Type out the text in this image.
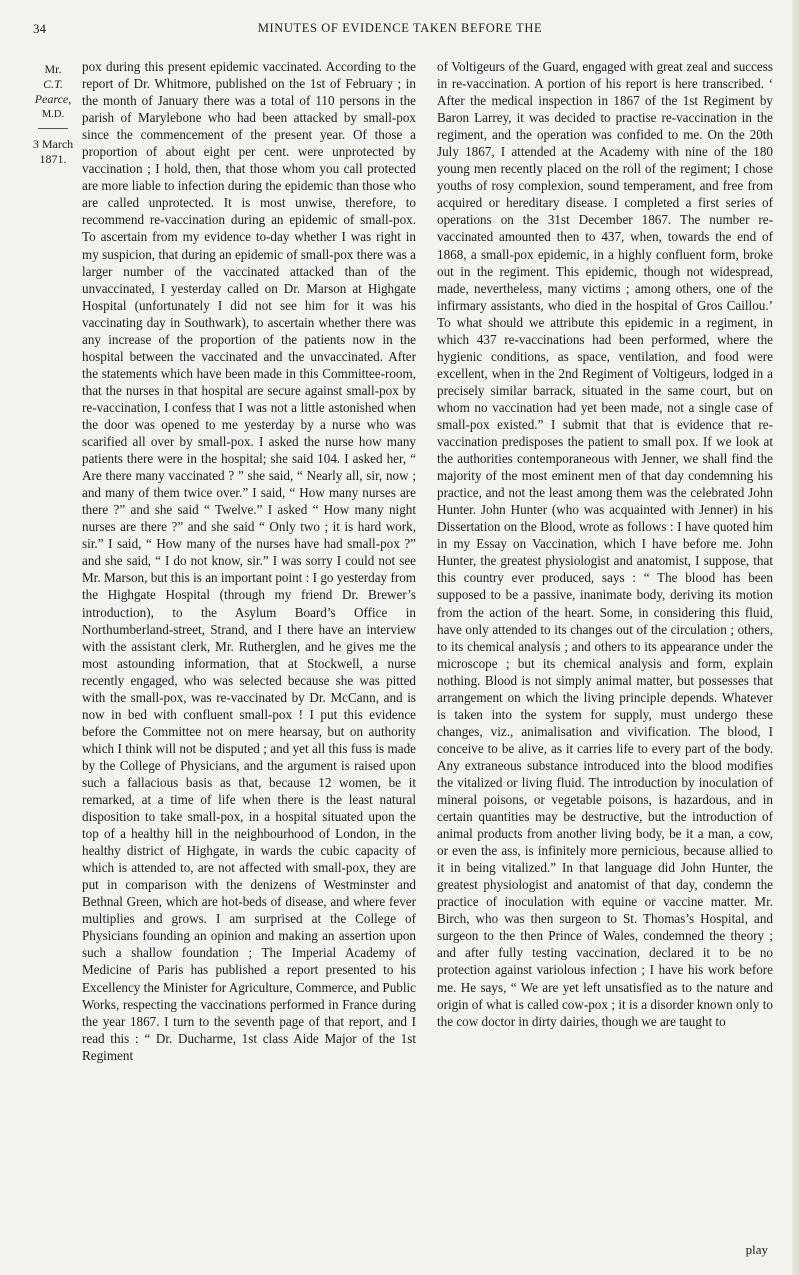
34	MINUTES OF EVIDENCE TAKEN BEFORE THE
Mr.
C.T. Pearce,
M.D.
3 March
1871.

pox during this present epidemic vaccinated. According to the report of Dr. Whitmore, published on the 1st of February ; in the month of January there was a total of 110 persons in the parish of Marylebone who had been attacked by small-pox since the commencement of the present year. Of those a proportion of about eight per cent. were unprotected by vaccination ; I hold, then, that those whom you call protected are more liable to infection during the epidemic than those who are called unprotected. It is most unwise, therefore, to recommend re-vaccination during an epidemic of small-pox. To ascertain from my evidence to-day whether I was right in my suspicion, that during an epidemic of small-pox there was a larger number of the vaccinated attacked than of the unvaccinated, I yesterday called on Dr. Marson at Highgate Hospital (unfortunately I did not see him for it was his vaccinating day in Southwark), to ascertain whether there was any increase of the proportion of the patients now in the hospital between the vaccinated and the unvaccinated. After the statements which have been made in this Committee-room, that the nurses in that hospital are secure against small-pox by re-vaccination, I confess that I was not a little astonished when the door was opened to me yesterday by a nurse who was scarified all over by small-pox. I asked the nurse how many patients there were in the hospital; she said 104. I asked her, “ Are there many vaccinated ? ” she said, “ Nearly all, sir, now ; and many of them twice over.” I said, “ How many nurses are there ?” and she said “ Twelve.” I asked “ How many night nurses are there ?” and she said “ Only two ; it is hard work, sir.” I said, “ How many of the nurses have had small-pox ?” and she said, “ I do not know, sir.” I was sorry I could not see Mr. Marson, but this is an important point : I go yesterday from the Highgate Hospital (through my friend Dr. Brewer’s introduction), to the Asylum Board’s Office in Northumberland-street, Strand, and I there have an interview with the assistant clerk, Mr. Rutherglen, and he gives me the most astounding information, that at Stockwell, a nurse recently engaged, who was selected because she was pitted with the small-pox, was re-vaccinated by Dr. McCann, and is now in bed with confluent small-pox ! I put this evidence before the Committee not on mere hearsay, but on authority which I think will not be disputed ; and yet all this fuss is made by the College of Physicians, and the argument is raised upon such a fallacious basis as that, because 12 women, be it remarked, at a time of life when there is the least natural disposition to take small-pox, in a hospital situated upon the top of a healthy hill in the neighbourhood of London, in the healthy district of Highgate, in wards the cubic capacity of which is attended to, are not affected with small-pox, they are put in comparison with the denizens of Westminster and Bethnal Green, which are hot-beds of disease, and where fever multiplies and grows. I am surprised at the College of Physicians founding an opinion and making an assertion upon such a shallow foundation ; The Imperial Academy of Medicine of Paris has published a report presented to his Excellency the Minister for Agriculture, Commerce, and Public Works, respecting the vaccinations performed in France during the year 1867. I turn to the seventh page of that report, and I read this : “ Dr. Ducharme, 1st class Aide Major of the 1st Regiment

of Voltigeurs of the Guard, engaged with great zeal and success in re-vaccination. A portion of his report is here transcribed. ‘ After the medical inspection in 1867 of the 1st Regiment by Baron Larrey, it was decided to practise re-vaccination in the regiment, and the operation was confided to me. On the 20th July 1867, I attended at the Academy with nine of the 180 young men recently placed on the roll of the regiment; I chose youths of rosy complexion, sound temperament, and free from acquired or hereditary disease. I completed a first series of operations on the 31st December 1867. The number re-vaccinated amounted then to 437, when, towards the end of 1868, a small-pox epidemic, in a highly confluent form, broke out in the regiment. This epidemic, though not widespread, made, nevertheless, many victims ; among others, one of the infirmary assistants, who died in the hospital of Gros Caillou.’ To what should we attribute this epidemic in a regiment, in which 437 re-vaccinations had been performed, where the hygienic conditions, as space, ventilation, and food were excellent, when in the 2nd Regiment of Voltigeurs, lodged in a precisely similar barrack, situated in the same court, but on whom no vaccination had yet been made, not a single case of small-pox existed.” I submit that that is evidence that re-vaccination predisposes the patient to small pox. If we look at the authorities contemporaneous with Jenner, we shall find the majority of the most eminent men of that day condemning his practice, and not the least among them was the celebrated John Hunter. John Hunter (who was acquainted with Jenner) in his Dissertation on the Blood, wrote as follows : I have quoted him in my Essay on Vaccination, which I have before me. John Hunter, the greatest physiologist and anatomist, I suppose, that this country ever produced, says : “ The blood has been supposed to be a passive, inanimate body, deriving its motion from the action of the heart. Some, in considering this fluid, have only attended to its changes out of the circulation ; others, to its chemical analysis ; and others to its appearance under the microscope ; but its chemical analysis and form, explain nothing. Blood is not simply animal matter, but possesses that arrangement on which the living principle depends. Whatever is taken into the system for supply, must undergo these changes, viz., animalisation and vivification. The blood, I conceive to be alive, as it carries life to every part of the body. Any extraneous substance introduced into the blood modifies the vitalized or living fluid. The introduction by inoculation of mineral poisons, or vegetable poisons, is hazardous, and in certain quantities may be destructive, but the introduction of animal products from another living body, be it a man, a cow, or even the ass, is infinitely more pernicious, because allied to it in being vitalized.” In that language did John Hunter, the greatest physiologist and anatomist of that day, condemn the practice of inoculation with equine or vaccine matter. Mr. Birch, who was then surgeon to St. Thomas’s Hospital, and surgeon to the then Prince of Wales, condemned the theory ; and after fully testing vaccination, declared it to be no protection against variolous infection ; I have his work before me. He says, “ We are yet left unsatisfied as to the nature and origin of what is called cow-pox ; it is a disorder known only to the cow doctor in dirty dairies, though we are taught to

play
